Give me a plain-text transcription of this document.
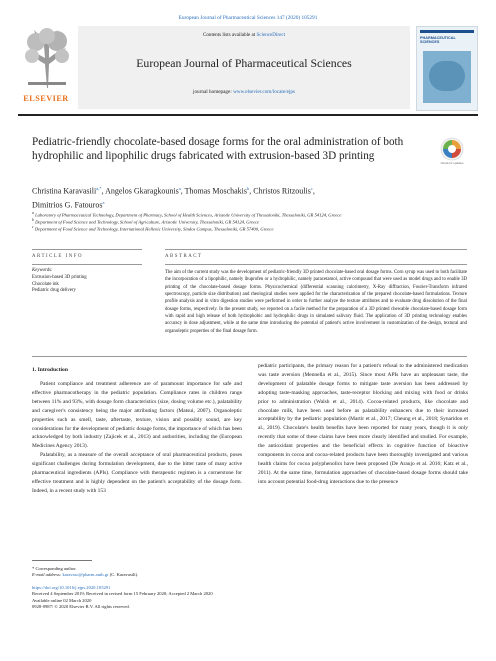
European Journal of Pharmaceutical Sciences 147 (2020) 105291
ELSEVIER
Contents lists available at ScienceDirect
European Journal of Pharmaceutical Sciences
journal homepage: www.elsevier.com/locate/ejps
PHARMACEUTICAL SCIENCES
Pediatric-friendly chocolate-based dosage forms for the oral administration of both hydrophilic and lipophilic drugs fabricated with extrusion-based 3D printing
Check for updates
Christina Karavasili$^{a,*}$, Angelos Gkaragkounis$^a$, Thomas Moschakis$^b$, Christos Ritzoulis$^c$,
Dimitrios G. Fatouros$^a$
$^a$ Laboratory of Pharmaceutical Technology, Department of Pharmacy, School of Health Sciences, Aristotle University of Thessaloniki, Thessaloniki, GR 54124, Greece
$^b$ Department of Food Science and Technology, School of Agriculture, Aristotle University, Thessaloniki, GR 54124, Greece
$^c$ Department of Food Science and Technology, International Hellenic University, Sindos Campus, Thessaloniki, GR 57400, Greece
ARTICLE INFO
Keywords:
Extrusion-based 3D printing
Chocolate ink
Pediatric drug delivery
ABSTRACT
The aim of the current study was the development of pediatric-friendly 3D printed chocolate-based oral dosage forms. Corn syrup was used to both facilitate the incorporation of a lipophilic, namely ibuprofen or a hydrophilic, namely paracetamol, active compound that were used as model drugs and to enable 3D printing of the chocolate-based dosage forms. Physicochemical (differential scanning calorimetry, X-Ray diffraction, Fourier-Transform infrared spectroscopy, particle size distribution) and rheological studies were applied for the characterization of the prepared chocolate-based formulations. Texture profile analysis and in vitro digestion studies were performed in order to further analyze the texture attributes and to evaluate drug dissolution of the final dosage forms, respectively. In the present study, we reported on a facile method for the preparation of a 3D printed chewable chocolate-based dosage form with rapid and high release of both hydrophobic and hydrophilic drugs in simulated salivary fluid. The application of 3D printing technology enables accuracy in dose adjustment, while at the same time introducing the potential of patient's active involvement in customization of the design, textural and organoleptic properties of the final dosage form.
1. Introduction

Patient compliance and treatment adherence are of paramount importance for safe and effective pharmacotherapy in the pediatric population. Compliance rates in children range between 11% and 93%, with dosage form characteristics (size, dosing volume etc.), palatability and caregiver's consistency being the major attributing factors (Matsui, 2007). Organoleptic properties such as smell, taste, aftertaste, texture, vision and possibly sound, are key considerations for the development of pediatric dosage forms, the importance of which has been acknowledged by both industry (Zajicek et al., 2013) and authorities, including the (European Medicines Agency 2013).

Palatability, as a measure of the overall acceptance of oral pharmaceutical products, poses significant challenges during formulation development, due to the bitter taste of many active pharmaceutical ingredients (APIs). Compliance with therapeutic regimen is a cornerstone for effective treatment and is highly dependent on the patient's acceptability of the dosage form. Indeed, in a recent study with 153

pediatric participants, the primary reason for a patient's refusal to the administered medication was taste aversion (Mennella et al., 2015). Since most APIs have an unpleasant taste, the development of palatable dosage forms to mitigate taste aversion has been addressed by adopting taste-masking approaches, taste-receptor blocking and mixing with food or drinks prior to administration (Walsh et al., 2014). Cocoa-related products, like chocolate and chocolate milk, have been used before as palatability enhancers due to their increased acceptability by the pediatric population (Martir et al., 2017; Cheung et al., 2018; Synaridou et al., 2019). Chocolate's health benefits have been reported for many years, though it is only recently that some of these claims have been more clearly identified and studied. For example, the antioxidant properties and the beneficial effects in cognitive function of bioactive components in cocoa and cocoa-related products have been thoroughly investigated and various health claims for cocoa polyphenolics have been proposed (De Araujo et al. 2016; Katz et al., 2011). At the same time, formulation approaches of chocolate-based dosage forms should take into account potential food-drug interactions due to the presence

* Corresponding author.
E-mail address: karavasc@pharm.auth.gr (C. Karavasili).
https://doi.org/10.1016/j.ejps.2020.105291
Received 4 September 2019; Received in revised form 15 February 2020; Accepted 2 March 2020
Available online 02 March 2020
0928-0987/ © 2020 Elsevier B.V. All rights reserved.
